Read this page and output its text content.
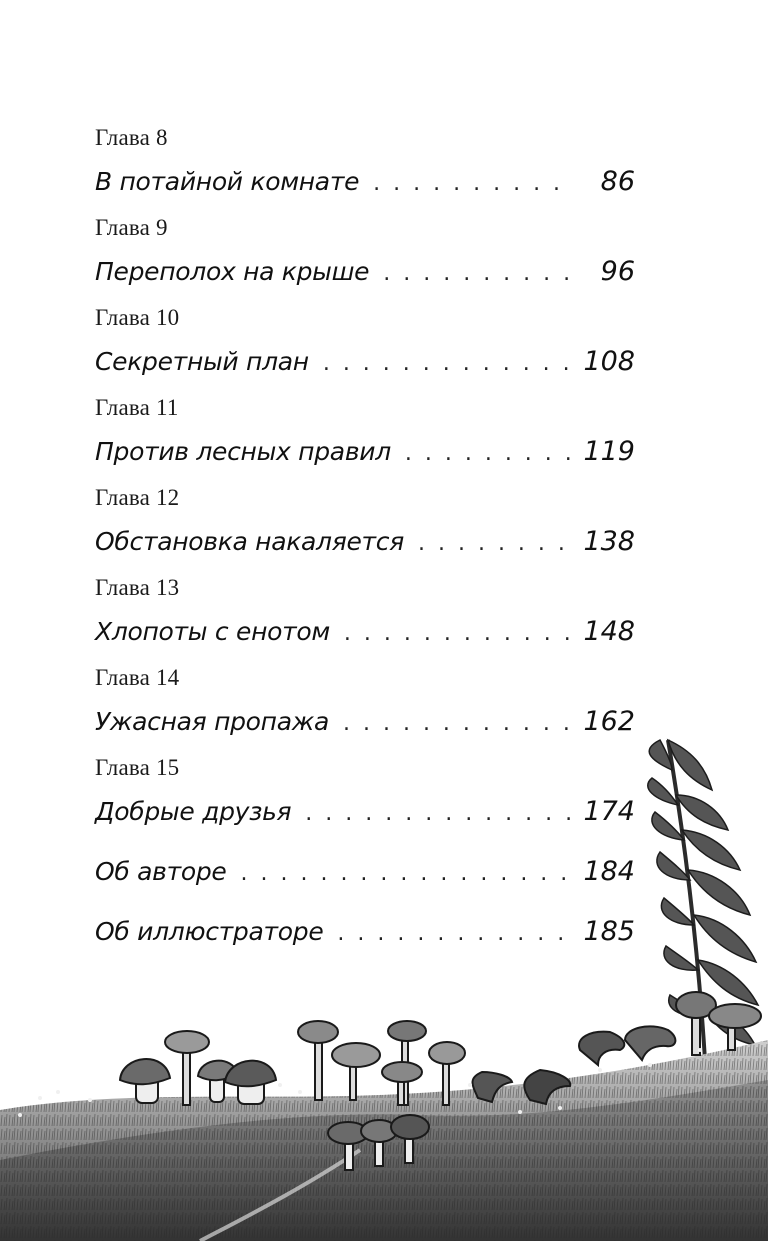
Глава 8
В потайной комнате . . .	86
Глава 9
Переполох на крыше . . .	96
Глава 10
Секретный план . . .	108
Глава 11
Против лесных правил . . .	119
Глава 12
Обстановка накаляется . . .	138
Глава 13
Хлопоты с енотом . . .	148
Глава 14
Ужасная пропажа . . .	162
Глава 15
Добрые друзья . . .	174
Об авторе . . .	184
Об иллюстраторе . . .	185
